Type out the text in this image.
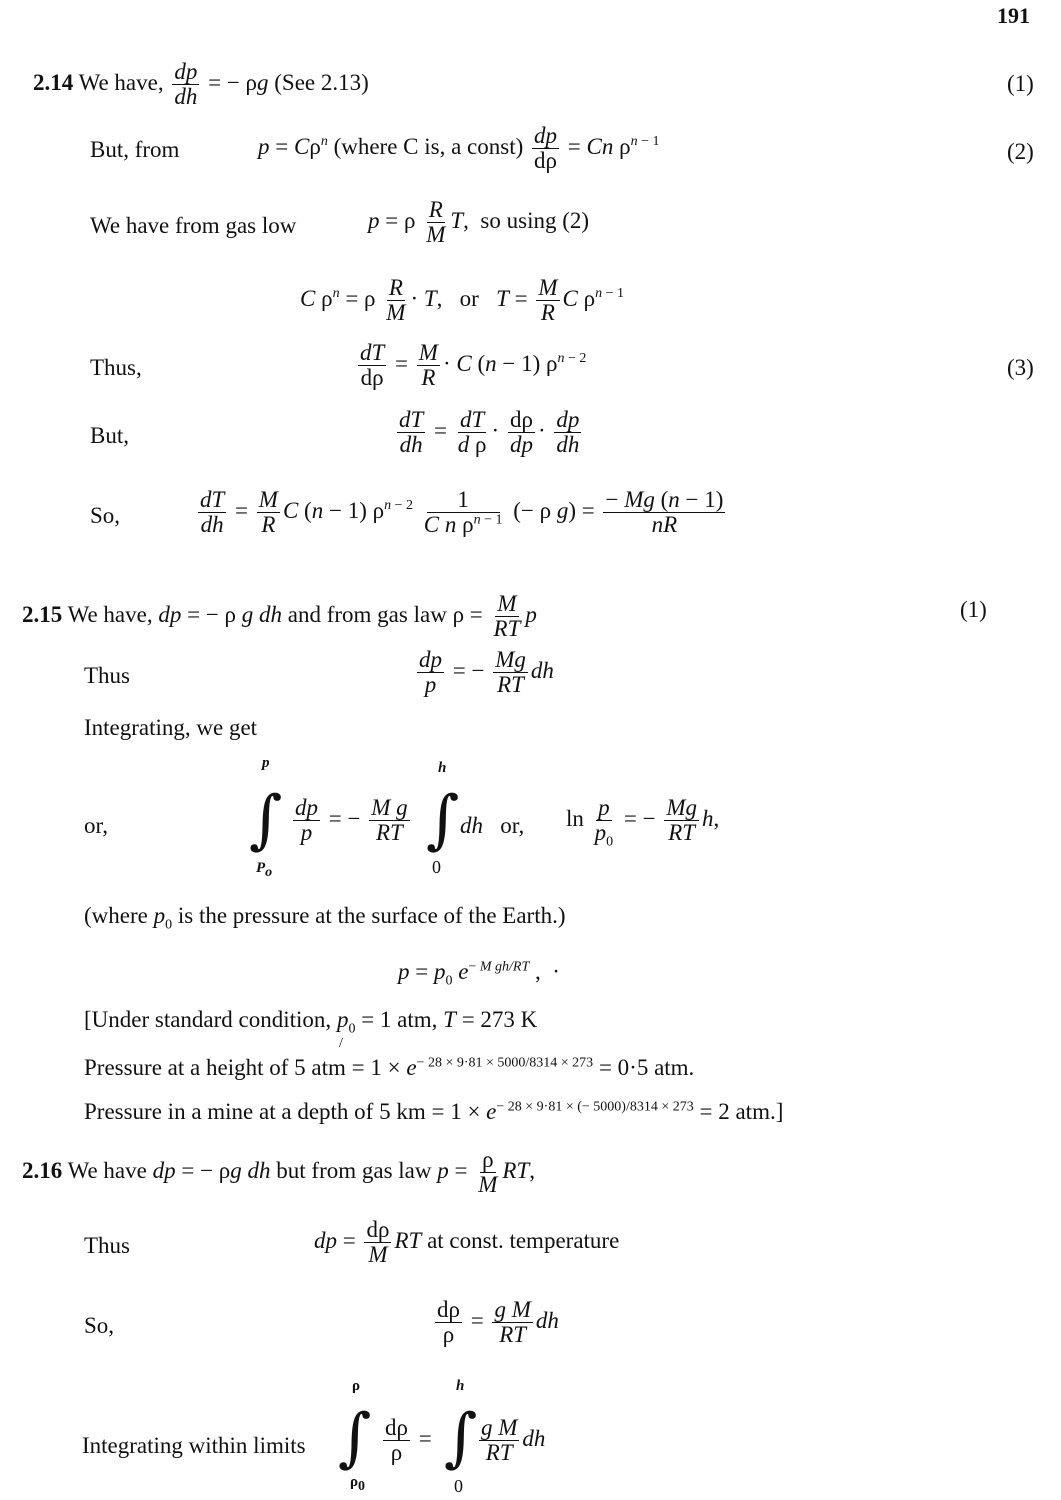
191
2.14 We have, $\frac{dp}{dh}$ = − ρg (See 2.13)	(1)
But, from	$p = C\rho^n$ (where C is, a const) $\frac{dp}{d\rho} = Cn$ $\rho^{n - 1}$	(2)
We have from gas low	p = ρ $\frac{R}{M} T$,  so using (2)
C $\rho^n = \rho \frac{R}{M} \cdot T$,   or $T = \frac{M}{R}$ C $\rho^{n - 1}$
Thus,	$\frac{dT}{d\rho} = \frac{M}{R} \cdot C$ (n − 1) $\rho^{n - 2}$	(3)
But,	$\frac{dT}{dh} = \frac{dT}{\text{d ρ}} \cdot \frac{d\rho}{dp} \cdot \frac{dp}{dh}$
So,	$\frac{dT}{dh} = \frac{M}{R}$ C (n − 1) $\rho^{n - 2} \frac{1}{C n \rho^{n - 1}}$ (− ρ $g) = \frac{- Mg (n - 1)}{nR}$
2.15 We have, dp = − ρ g dh and from gas law $\rho = \frac{M}{RT}$ p	(1)
Thus	$\frac{dp}{p}$ = − $\frac{Mg}{RT}$ dh
Integrating, we get
or,
p
∫
$P_o$
$\frac{dp}{p}$ = − $\frac{\text{M g}}{RT}$
h
∫
0
dh or,	$\ln \frac{p}{p_0}$ = − $\frac{Mg}{RT} h$,
(where $p_0$ is the pressure at the surface of the Earth.)
$p = p_0$ $e^{- M gh/RT}$ ,  ·
[Under standard condition, $p_0 = 1$ atm, T = 273 K
/
Pressure at a height of 5 atm = $1 \times e^{- 28 \times 9\cdot 81 \times 5000/8314 \times 273} = 0\cdot 5$ atm.
Pressure in a mine at a depth of 5 km = $1 \times e^{- 28 \times 9\cdot 81 \times (- 5000)/8314 \times 273} = 2$ atm.]
2.16 We have dp = − ρg dh but from gas law $p = \frac{\rho}{M}$ RT,
Thus	dp = $\frac{d\rho}{M}$ RT at const. temperature
So,	$\frac{d\rho}{\rho} = \frac{\text{g M}}{RT}$ dh
Integrating within limits
ρ
∫
$\rho_0$
$\frac{d\rho}{\rho}$ =
h
∫
0
$\frac{\text{g M}}{RT}$ dh
